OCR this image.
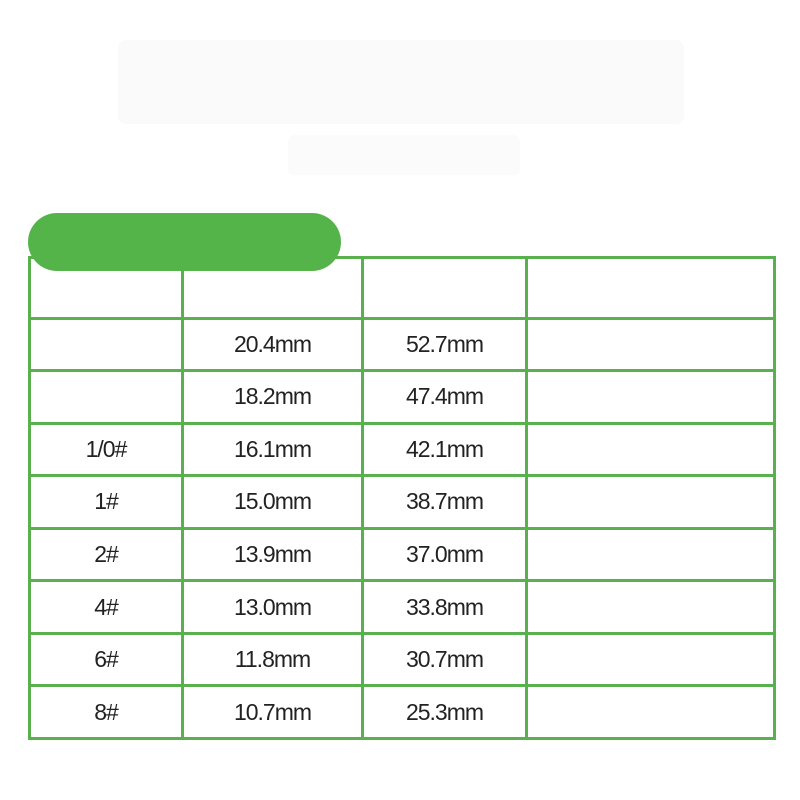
	20.4mm	52.7mm	
	18.2mm	47.4mm	
1/0#	16.1mm	42.1mm	
1#	15.0mm	38.7mm	
2#	13.9mm	37.0mm	
4#	13.0mm	33.8mm	
6#	11.8mm	30.7mm	
8#	10.7mm	25.3mm	
